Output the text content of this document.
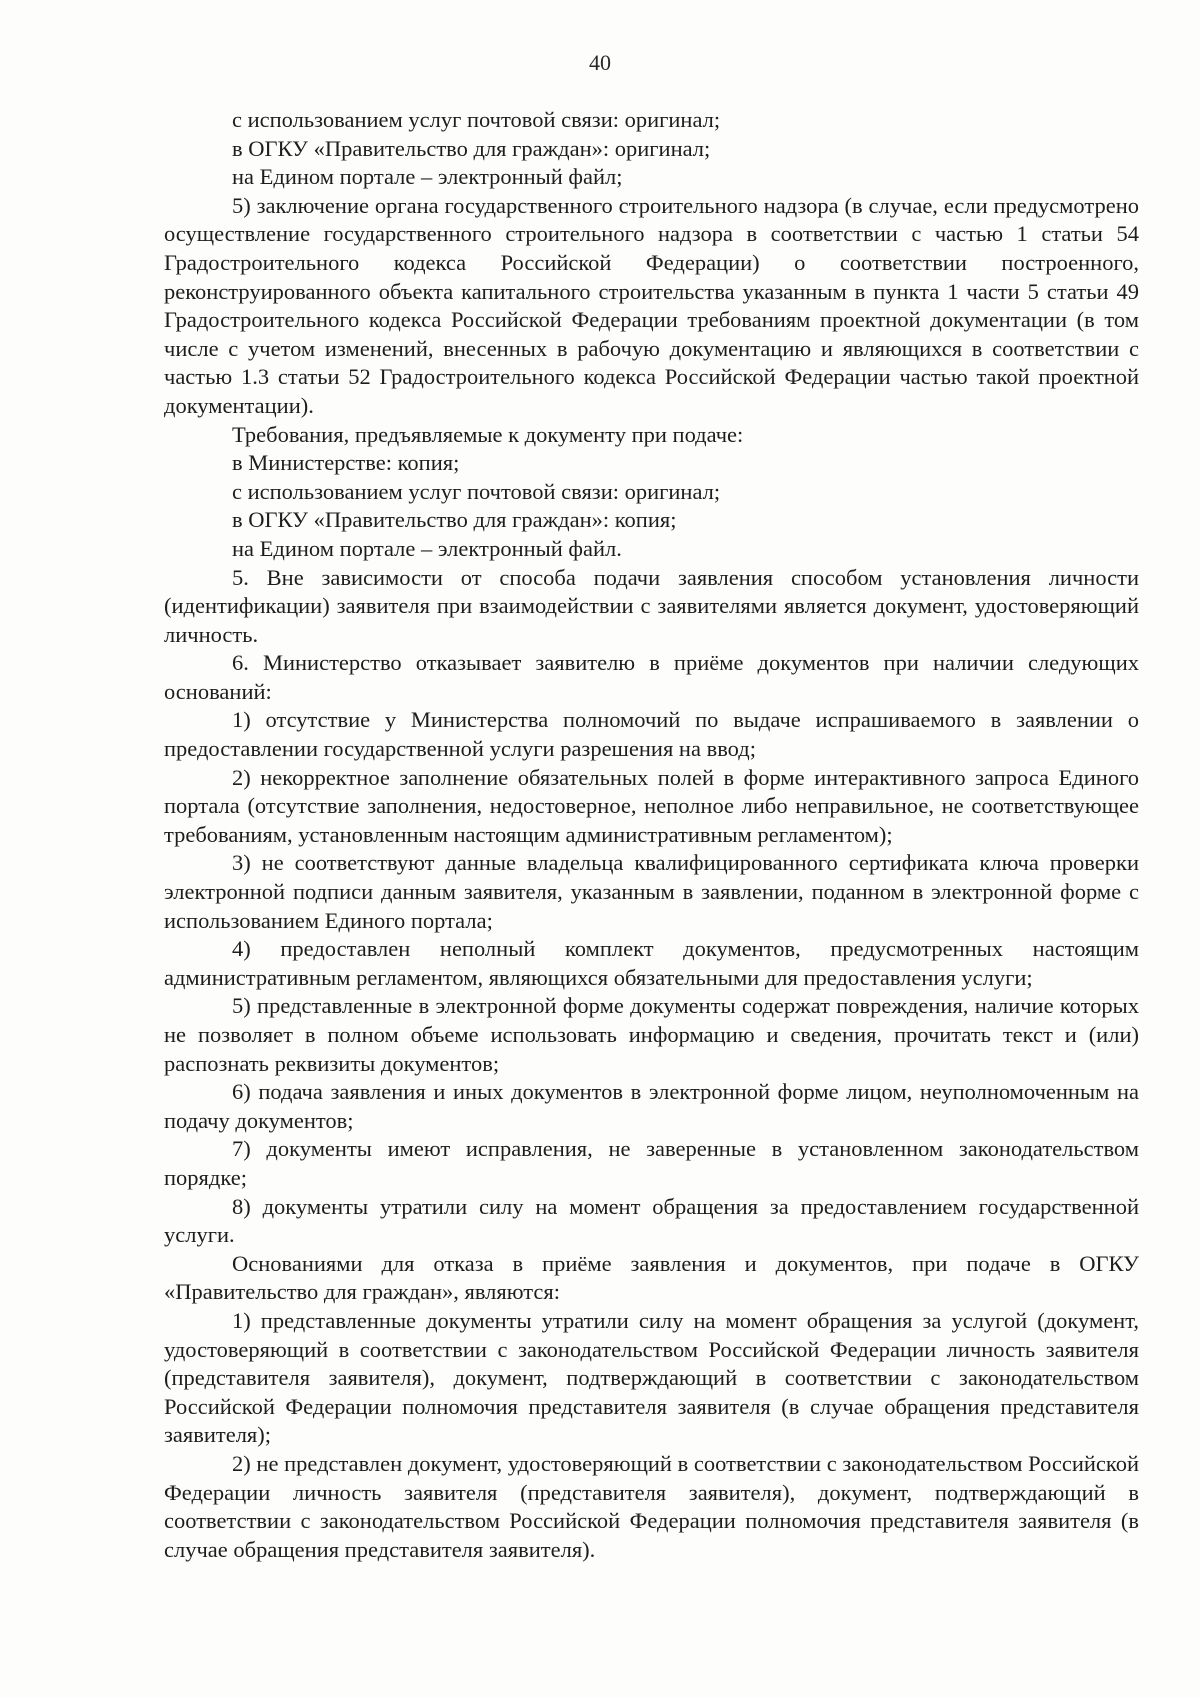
40

с использованием услуг почтовой связи: оригинал;

в ОГКУ «Правительство для граждан»: оригинал;

на Едином портале – электронный файл;

5) заключение органа государственного строительного надзора (в случае, если предусмотрено осуществление государственного строительного надзора в соответствии с частью 1 статьи 54 Градостроительного кодекса Российской Федерации) о соответствии построенного, реконструированного объекта капитального строительства указанным в пункта 1 части 5 статьи 49 Градостроительного кодекса Российской Федерации требованиям проектной документации (в том числе с учетом изменений, внесенных в рабочую документацию и являющихся в соответствии с частью 1.3 статьи 52 Градостроительного кодекса Российской Федерации частью такой проектной документации).

Требования, предъявляемые к документу при подаче:

в Министерстве: копия;

с использованием услуг почтовой связи: оригинал;

в ОГКУ «Правительство для граждан»: копия;

на Едином портале – электронный файл.

5. Вне зависимости от способа подачи заявления способом установления личности (идентификации) заявителя при взаимодействии с заявителями является документ, удостоверяющий личность.

6. Министерство отказывает заявителю в приёме документов при наличии следующих оснований:

1) отсутствие у Министерства полномочий по выдаче испрашиваемого в заявлении о предоставлении государственной услуги разрешения на ввод;

2) некорректное заполнение обязательных полей в форме интерактивного запроса Единого портала (отсутствие заполнения, недостоверное, неполное либо неправильное, не соответствующее требованиям, установленным настоящим административным регламентом);

3) не соответствуют данные владельца квалифицированного сертификата ключа проверки электронной подписи данным заявителя, указанным в заявлении, поданном в электронной форме с использованием Единого портала;

4) предоставлен неполный комплект документов, предусмотренных настоящим административным регламентом, являющихся обязательными для предоставления услуги;

5) представленные в электронной форме документы содержат повреждения, наличие которых не позволяет в полном объеме использовать информацию и сведения, прочитать текст и (или) распознать реквизиты документов;

6) подача заявления и иных документов в электронной форме лицом, неуполномоченным на подачу документов;

7) документы имеют исправления, не заверенные в установленном законодательством порядке;

8) документы утратили силу на момент обращения за предоставлением государственной услуги.

Основаниями для отказа в приёме заявления и документов, при подаче в ОГКУ «Правительство для граждан», являются:

1) представленные документы утратили силу на момент обращения за услугой (документ, удостоверяющий в соответствии с законодательством Российской Федерации личность заявителя (представителя заявителя), документ, подтверждающий в соответствии с законодательством Российской Федерации полномочия представителя заявителя (в случае обращения представителя заявителя);

2) не представлен документ, удостоверяющий в соответствии с законодательством Российской Федерации личность заявителя (представителя заявителя), документ, подтверждающий в соответствии с законодательством Российской Федерации полномочия представителя заявителя (в случае обращения представителя заявителя).
